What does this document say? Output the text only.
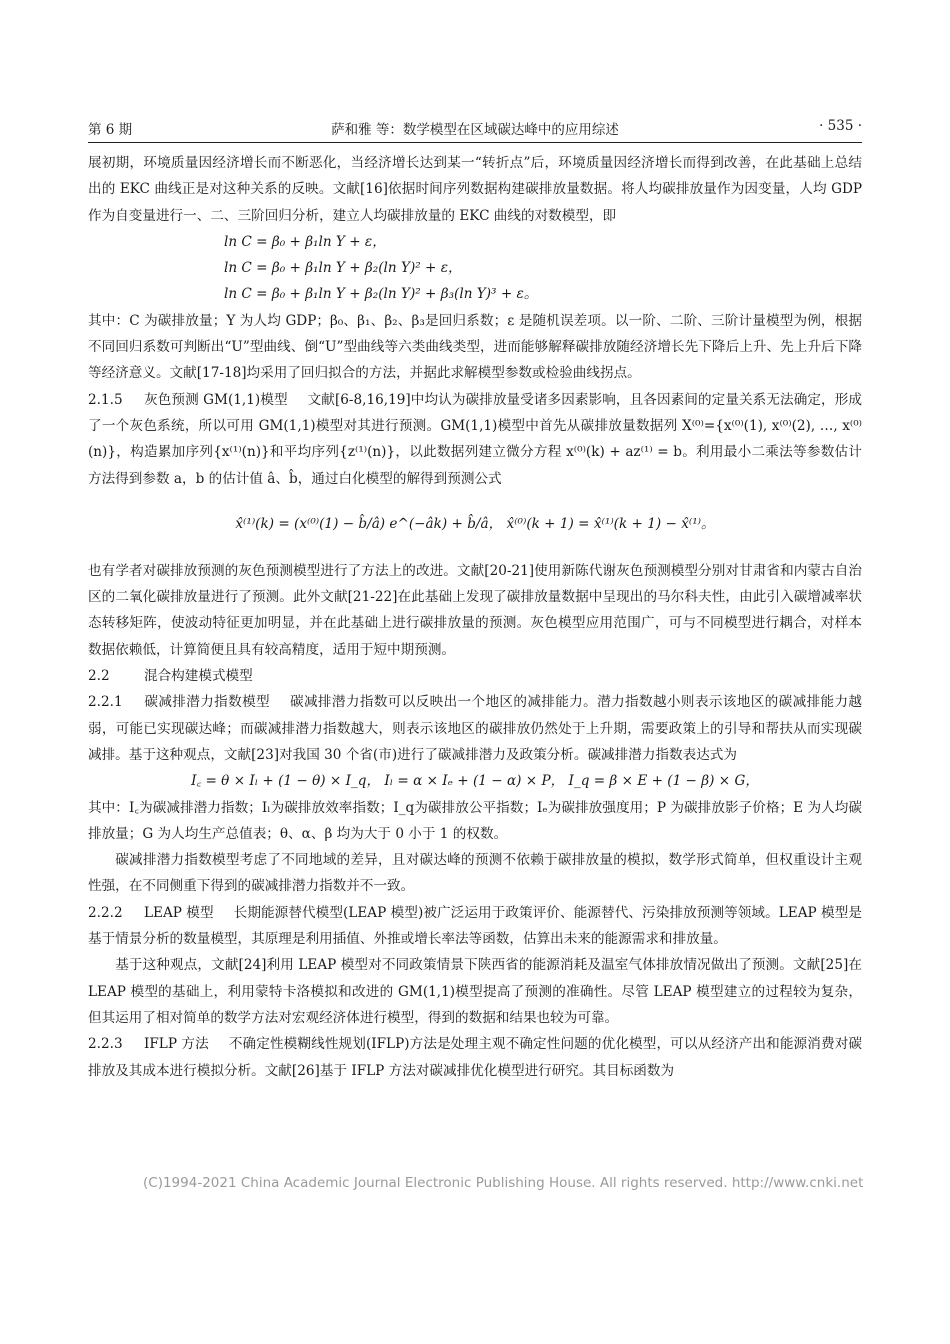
第 6 期	萨和雅 等：数学模型在区域碳达峰中的应用综述	· 535 ·

展初期，环境质量因经济增长而不断恶化，当经济增长达到某一“转折点”后，环境质量因经济增长而得到改善，在此基础上总结出的 EKC 曲线正是对这种关系的反映。文献[16]依据时间序列数据构建碳排放量数据。将人均碳排放量作为因变量，人均 GDP 作为自变量进行一、二、三阶回归分析，建立人均碳排放量的 EKC 曲线的对数模型，即

ln C = β₀ + β₁ln Y + ε，
ln C = β₀ + β₁ln Y + β₂(ln Y)² + ε，
ln C = β₀ + β₁ln Y + β₂(ln Y)² + β₃(ln Y)³ + ε。

其中：C 为碳排放量；Y 为人均 GDP；β₀、β₁、β₂、β₃是回归系数；ε 是随机误差项。以一阶、二阶、三阶计量模型为例，根据不同回归系数可判断出“U”型曲线、倒“U”型曲线等六类曲线类型，进而能够解释碳排放随经济增长先下降后上升、先上升后下降等经济意义。文献[17-18]均采用了回归拟合的方法，并据此求解模型参数或检验曲线拐点。

2.1.5 灰色预测 GM(1,1)模型 文献[6-8,16,19]中均认为碳排放量受诸多因素影响，且各因素间的定量关系无法确定，形成了一个灰色系统，所以可用 GM(1,1)模型对其进行预测。GM(1,1)模型中首先从碳排放量数据列 X⁽⁰⁾={x⁽⁰⁾(1), x⁽⁰⁾(2), …, x⁽⁰⁾(n)}，构造累加序列{x⁽¹⁾(n)}和平均序列{z⁽¹⁾(n)}，以此数据列建立微分方程 x⁽⁰⁾(k) + az⁽¹⁾ = b。利用最小二乘法等参数估计方法得到参数 a，b 的估计值 â、b̂，通过白化模型的解得到预测公式

x̂⁽¹⁾(k) = (x⁽⁰⁾(1) − b̂/â) e^(−âk) + b̂/â， x̂⁽⁰⁾(k + 1) = x̂⁽¹⁾(k + 1) − x̂⁽¹⁾。

也有学者对碳排放预测的灰色预测模型进行了方法上的改进。文献[20-21]使用新陈代谢灰色预测模型分别对甘肃省和内蒙古自治区的二氧化碳排放量进行了预测。此外文献[21-22]在此基础上发现了碳排放量数据中呈现出的马尔科夫性，由此引入碳增减率状态转移矩阵，使波动特征更加明显，并在此基础上进行碳排放量的预测。灰色模型应用范围广，可与不同模型进行耦合，对样本数据依赖低，计算简便且具有较高精度，适用于短中期预测。

2.2	混合构建模式模型

2.2.1 碳减排潜力指数模型 碳减排潜力指数可以反映出一个地区的减排能力。潜力指数越小则表示该地区的碳减排能力越弱，可能已实现碳达峰；而碳减排潜力指数越大，则表示该地区的碳排放仍然处于上升期，需要政策上的引导和帮扶从而实现碳减排。基于这种观点，文献[23]对我国 30 个省(市)进行了碳减排潜力及政策分析。碳减排潜力指数表达式为

I꜀ = θ × Iₗ + (1 − θ) × I_q， Iₗ = α × Iₑ + (1 − α) × P， I_q = β × E + (1 − β) × G，

其中：I꜀为碳减排潜力指数；Iₗ为碳排放效率指数；I_q为碳排放公平指数；Iₑ为碳排放强度用；P 为碳排放影子价格；E 为人均碳排放量；G 为人均生产总值表；θ、α、β 均为大于 0 小于 1 的权数。

碳减排潜力指数模型考虑了不同地域的差异，且对碳达峰的预测不依赖于碳排放量的模拟，数学形式简单，但权重设计主观性强，在不同侧重下得到的碳减排潜力指数并不一致。

2.2.2 LEAP 模型 长期能源替代模型(LEAP 模型)被广泛运用于政策评价、能源替代、污染排放预测等领域。LEAP 模型是基于情景分析的数量模型，其原理是利用插值、外推或增长率法等函数，估算出未来的能源需求和排放量。

基于这种观点，文献[24]利用 LEAP 模型对不同政策情景下陕西省的能源消耗及温室气体排放情况做出了预测。文献[25]在 LEAP 模型的基础上，利用蒙特卡洛模拟和改进的 GM(1,1)模型提高了预测的准确性。尽管 LEAP 模型建立的过程较为复杂，但其运用了相对简单的数学方法对宏观经济体进行模型，得到的数据和结果也较为可靠。

2.2.3 IFLP 方法 不确定性模糊线性规划(IFLP)方法是处理主观不确定性问题的优化模型，可以从经济产出和能源消费对碳排放及其成本进行模拟分析。文献[26]基于 IFLP 方法对碳减排优化模型进行研究。其目标函数为

(C)1994-2021 China Academic Journal Electronic Publishing House. All rights reserved. http://www.cnki.net
